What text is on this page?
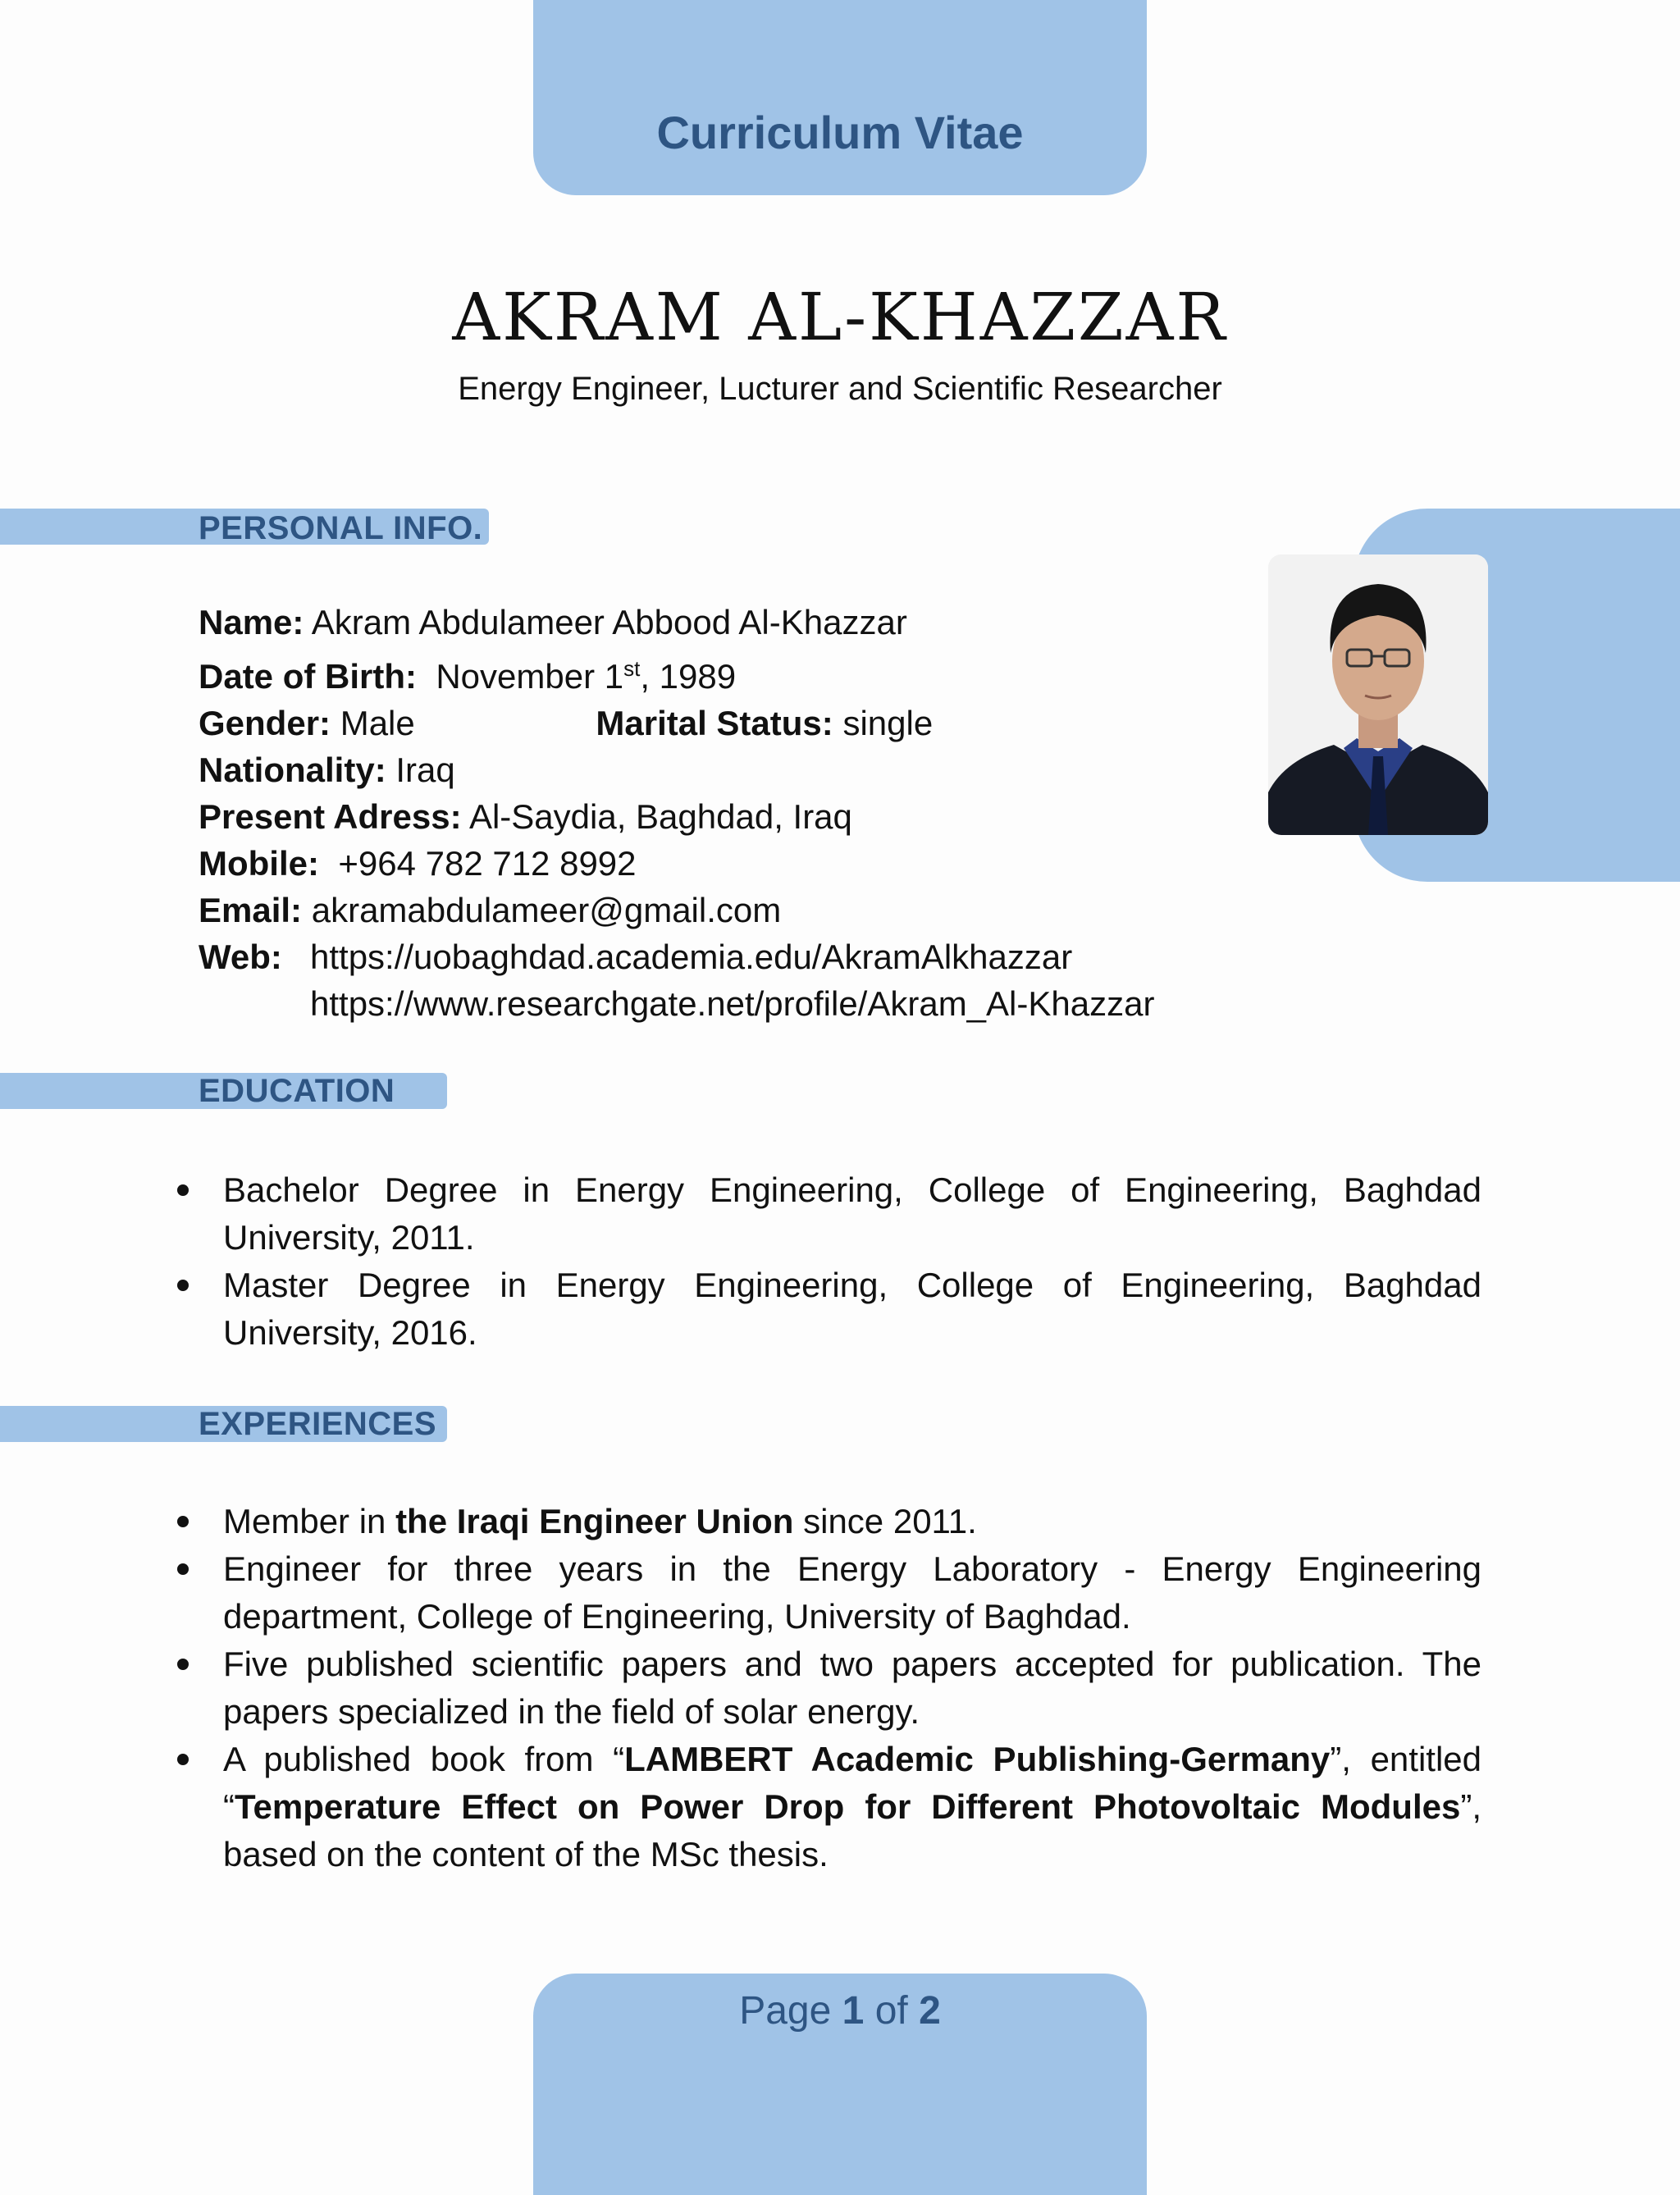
Curriculum Vitae
AKRAM AL-KHAZZAR
Energy Engineer, Lucturer and Scientific Researcher
PERSONAL INFO.
Name: Akram Abdulameer Abbood Al-Khazzar
Date of Birth: November 1st, 1989
Gender: Male	Marital Status: single
Nationality: Iraq
Present Adress: Al-Saydia, Baghdad, Iraq
Mobile: +964 782 712 8992
Email: akramabdulameer@gmail.com
Web: https://uobaghdad.academia.edu/AkramAlkhazzar
https://www.researchgate.net/profile/Akram_Al-Khazzar
EDUCATION
Bachelor Degree in Energy Engineering, College of Engineering, Baghdad University, 2011.
Master Degree in Energy Engineering, College of Engineering, Baghdad University, 2016.
EXPERIENCES
Member in the Iraqi Engineer Union since 2011.
Engineer for three years in the Energy Laboratory - Energy Engineering department, College of Engineering, University of Baghdad.
Five published scientific papers and two papers accepted for publication. The papers specialized in the field of solar energy.
A published book from “LAMBERT Academic Publishing-Germany”, entitled “Temperature Effect on Power Drop for Different Photovoltaic Modules”, based on the content of the MSc thesis.
Page 1 of 2
